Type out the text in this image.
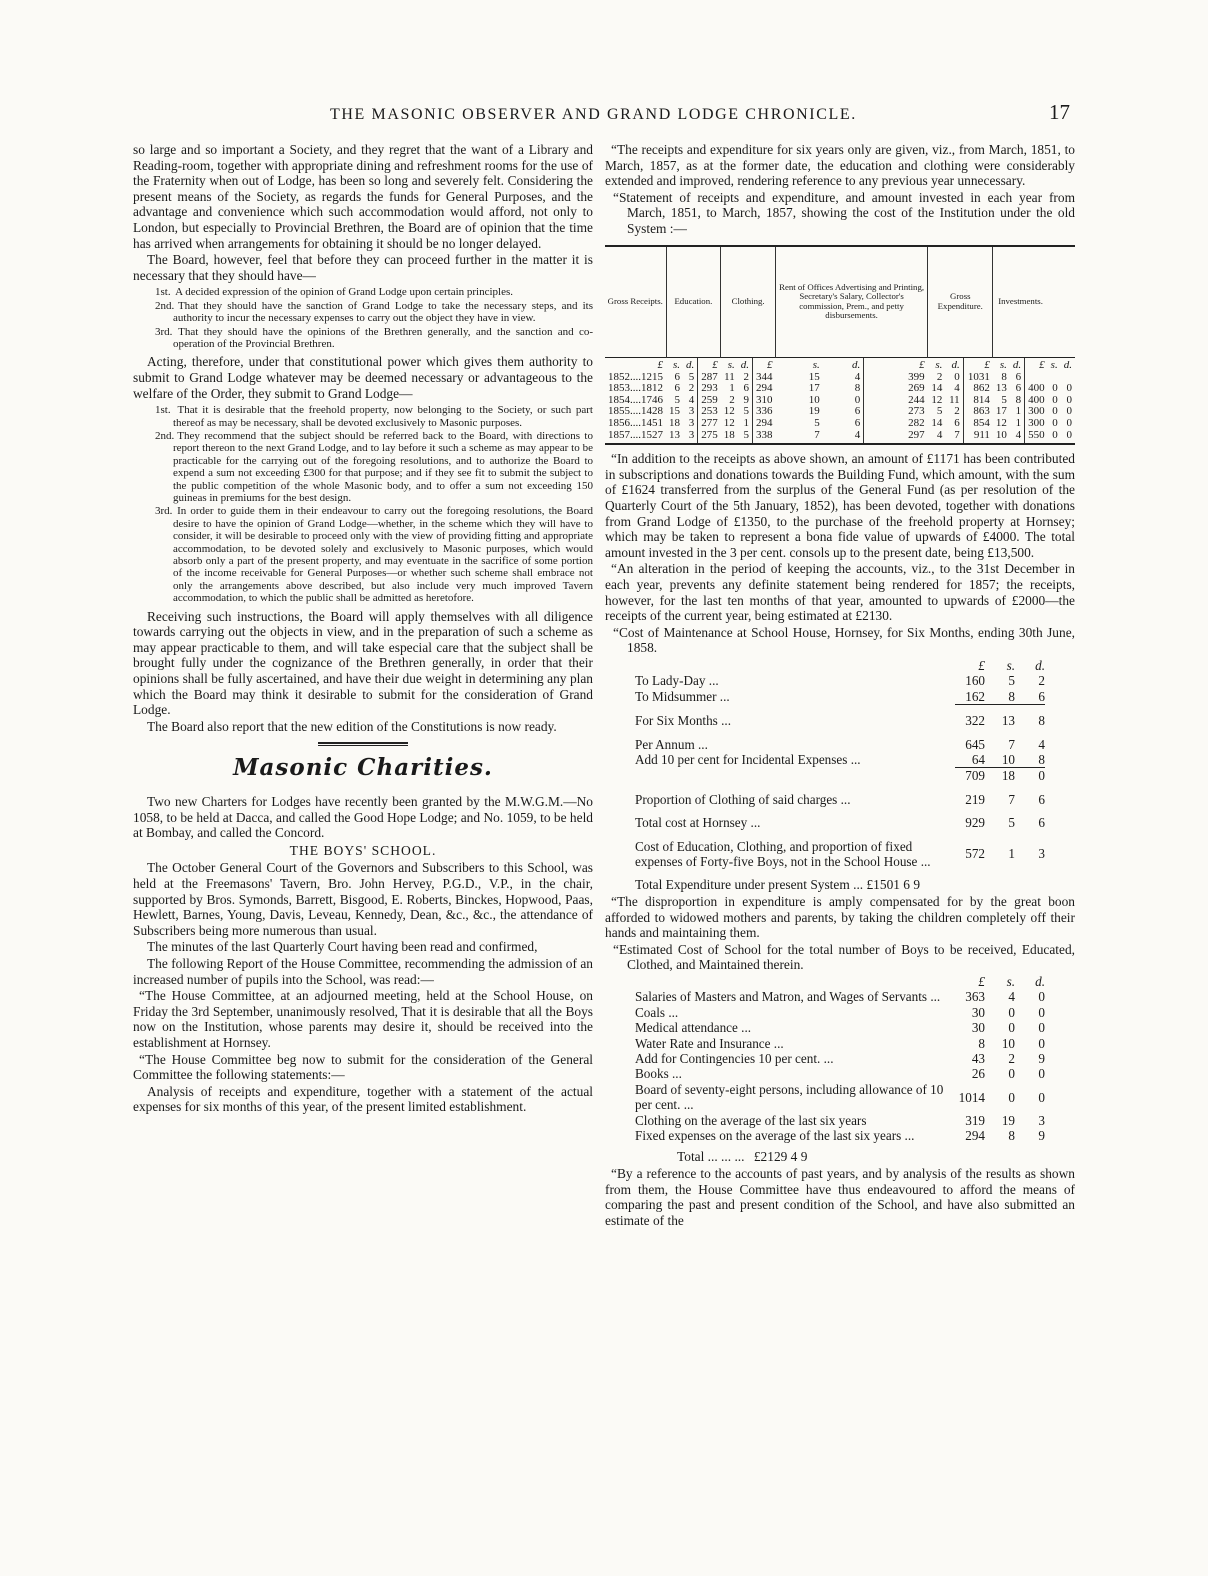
THE MASONIC OBSERVER AND GRAND LODGE CHRONICLE.	17

so large and so important a Society, and they regret that the want of a Library and Reading-room, together with appropriate dining and refreshment rooms for the use of the Fraternity when out of Lodge, has been so long and severely felt. Considering the present means of the Society, as regards the funds for General Purposes, and the advantage and convenience which such accommodation would afford, not only to London, but especially to Provincial Brethren, the Board are of opinion that the time has arrived when arrangements for obtaining it should be no longer delayed.

The Board, however, feel that before they can proceed further in the matter it is necessary that they should have—

1st. A decided expression of the opinion of Grand Lodge upon certain principles.
2nd. That they should have the sanction of Grand Lodge to take the necessary steps, and its authority to incur the necessary expenses to carry out the object they have in view.
3rd. That they should have the opinions of the Brethren generally, and the sanction and co-operation of the Provincial Brethren.

Acting, therefore, under that constitutional power which gives them authority to submit to Grand Lodge whatever may be deemed necessary or advantageous to the welfare of the Order, they submit to Grand Lodge—

1st. That it is desirable that the freehold property, now belonging to the Society, or such part thereof as may be necessary, shall be devoted exclusively to Masonic purposes.
2nd. They recommend that the subject should be referred back to the Board, with directions to report thereon to the next Grand Lodge, and to lay before it such a scheme as may appear to be practicable for the carrying out of the foregoing resolutions, and to authorize the Board to expend a sum not exceeding £300 for that purpose; and if they see fit to submit the subject to the public competition of the whole Masonic body, and to offer a sum not exceeding 150 guineas in premiums for the best design.
3rd. In order to guide them in their endeavour to carry out the foregoing resolutions, the Board desire to have the opinion of Grand Lodge—whether, in the scheme which they will have to consider, it will be desirable to proceed only with the view of providing fitting and appropriate accommodation, to be devoted solely and exclusively to Masonic purposes, which would absorb only a part of the present property, and may eventuate in the sacrifice of some portion of the income receivable for General Purposes—or whether such scheme shall embrace not only the arrangements above described, but also include very much improved Tavern accommodation, to which the public shall be admitted as heretofore.

Receiving such instructions, the Board will apply themselves with all diligence towards carrying out the objects in view, and in the preparation of such a scheme as may appear practicable to them, and will take especial care that the subject shall be brought fully under the cognizance of the Brethren generally, in order that their opinions shall be fully ascertained, and have their due weight in determining any plan which the Board may think it desirable to submit for the consideration of Grand Lodge.

The Board also report that the new edition of the Constitutions is now ready.

Masonic Charities.

Two new Charters for Lodges have recently been granted by the M.W.G.M.—No 1058, to be held at Dacca, and called the Good Hope Lodge; and No. 1059, to be held at Bombay, and called the Concord.

THE BOYS' SCHOOL.

The October General Court of the Governors and Subscribers to this School, was held at the Freemasons' Tavern, Bro. John Hervey, P.G.D., V.P., in the chair, supported by Bros. Symonds, Barrett, Bisgood, E. Roberts, Binckes, Hopwood, Paas, Hewlett, Barnes, Young, Davis, Leveau, Kennedy, Dean, &c., &c., the attendance of Subscribers being more numerous than usual.

The minutes of the last Quarterly Court having been read and confirmed,

The following Report of the House Committee, recommending the admission of an increased number of pupils into the School, was read:—

“The House Committee, at an adjourned meeting, held at the School House, on Friday the 3rd September, unanimously resolved, That it is desirable that all the Boys now on the Institution, whose parents may desire it, should be received into the establishment at Hornsey.

“The House Committee beg now to submit for the consideration of the General Committee the following statements:—

Analysis of receipts and expenditure, together with a statement of the actual expenses for six months of this year, of the present limited establishment.

“The receipts and expenditure for six years only are given, viz., from March, 1851, to March, 1857, as at the former date, the education and clothing were considerably extended and improved, rendering reference to any previous year unnecessary.

“Statement of receipts and expenditure, and amount invested in each year from March, 1851, to March, 1857, showing the cost of the Institution under the old System :—

Gross Receipts.	Education.			Clothing.			Rent of Offices Advertising and Printing, Secretary's Salary, Collector's commission, Prem., and petty disbursements.			Gross Expenditure.			Investments.				
£	s.	d.	£	s.	d.	£	s.	d.	£	s.	d.	£	s.	d.	£	s.	d.
1852....1215	6	5	287	11	2	344	15	4	399	2	0	1031	8	6			
1853....1812	6	2	293	1	6	294	17	8	269	14	4	862	13	6	400	0	0
1854....1746	5	4	259	2	9	310	10	0	244	12	11	814	5	8	400	0	0
1855....1428	15	3	253	12	5	336	19	6	273	5	2	863	17	1	300	0	0
1856....1451	18	3	277	12	1	294	5	6	282	14	6	854	12	1	300	0	0
1857....1527	13	3	275	18	5	338	7	4	297	4	7	911	10	4	550	0	0

“In addition to the receipts as above shown, an amount of £1171 has been contributed in subscriptions and donations towards the Building Fund, which amount, with the sum of £1624 transferred from the surplus of the General Fund (as per resolution of the Quarterly Court of the 5th January, 1852), has been devoted, together with donations from Grand Lodge of £1350, to the purchase of the freehold property at Hornsey; which may be taken to represent a bona fide value of upwards of £4000. The total amount invested in the 3 per cent. consols up to the present date, being £13,500.

“An alteration in the period of keeping the accounts, viz., to the 31st December in each year, prevents any definite statement being rendered for 1857; the receipts, however, for the last ten months of that year, amounted to upwards of £2000—the receipts of the current year, being estimated at £2130.

“Cost of Maintenance at School House, Hornsey, for Six Months, ending 30th June, 1858.

	£	s.	d.
To Lady-Day ...	160	5	2
To Midsummer ...	162	8	6
For Six Months ...	322	13	8
Per Annum ...	645	7	4
Add 10 per cent for Incidental Expenses ...	64	10	8
	709	18	0
Proportion of Clothing of said charges ...	219	7	6
Total cost at Hornsey ...	929	5	6
Cost of Education, Clothing, and proportion of fixed expenses of Forty-five Boys, not in the School House ...	572	1	3

Total Expenditure under present System ... £1501 6 9

“The disproportion in expenditure is amply compensated for by the great boon afforded to widowed mothers and parents, by taking the children completely off their hands and maintaining them.

“Estimated Cost of School for the total number of Boys to be received, Educated, Clothed, and Maintained therein.

	£	s.	d.
Salaries of Masters and Matron, and Wages of Servants ...	363	4	0
Coals ...	30	0	0
Medical attendance ...	30	0	0
Water Rate and Insurance ...	8	10	0
Add for Contingencies 10 per cent. ...	43	2	9
Books ...	26	0	0
Board of seventy-eight persons, including allowance of 10 per cent. ...	1014	0	0
Clothing on the average of the last six years	319	19	3
Fixed expenses on the average of the last six years ...	294	8	9

Total ... ... ... £2129 4 9

“By a reference to the accounts of past years, and by analysis of the results as shown from them, the House Committee have thus endeavoured to afford the means of comparing the past and present condition of the School, and have also submitted an estimate of the
